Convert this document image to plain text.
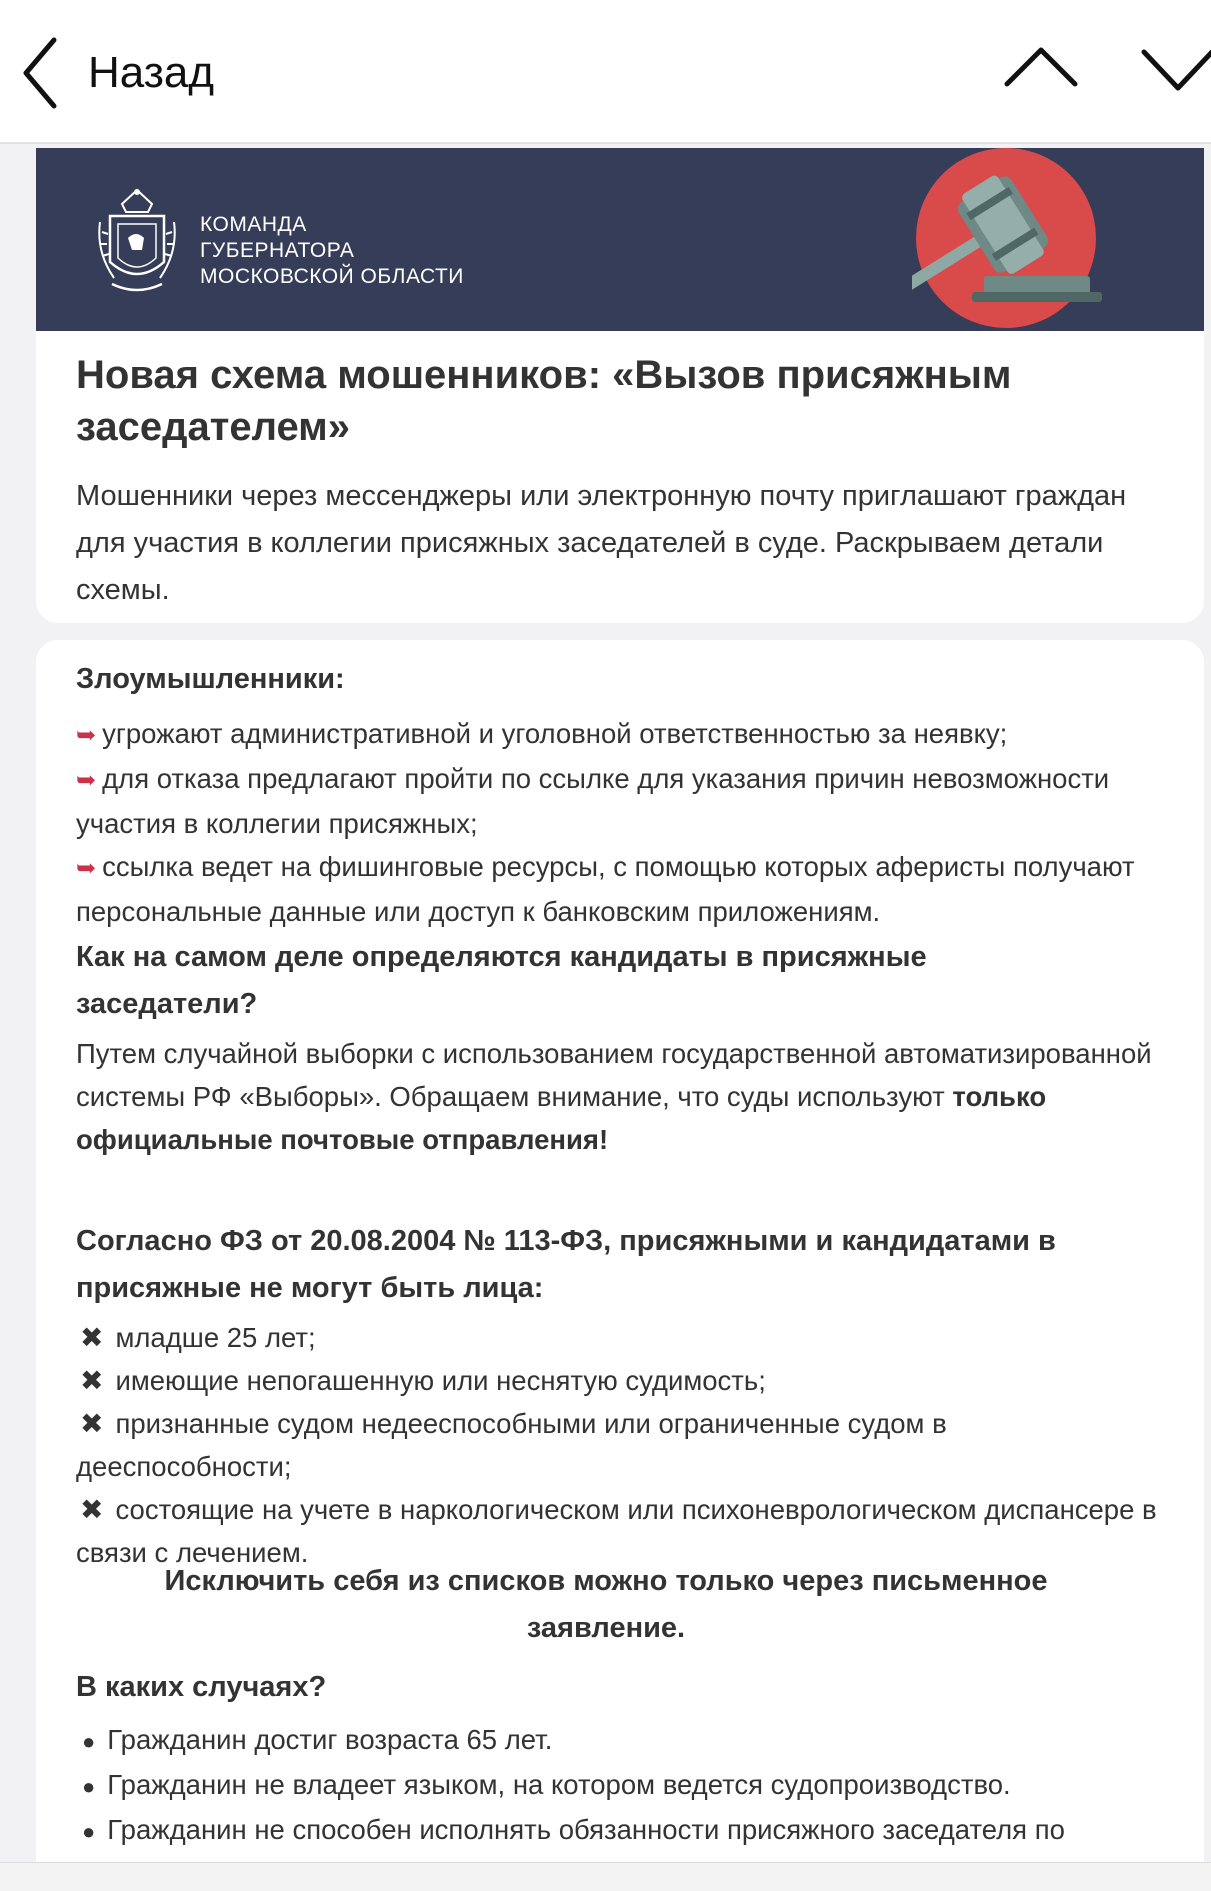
Назад
КОМАНДА
ГУБЕРНАТОРА
МОСКОВСКОЙ ОБЛАСТИ
Новая схема мошенников: «Вызов присяжным заседателем»

Мошенники через мессенджеры или электронную почту приглашают граждан для участия в коллегии присяжных заседателей в суде. Раскрываем детали схемы.

Злоумышленники:
➥ угрожают административной и уголовной ответственностью за неявку;
➥ для отказа предлагают пройти по ссылке для указания причин невозможности участия в коллегии присяжных;
➥ ссылка ведет на фишинговые ресурсы, с помощью которых аферисты получают персональные данные или доступ к банковским приложениям.
Как на самом деле определяются кандидаты в присяжные заседатели?
Путем случайной выборки с использованием государственной автоматизированной системы РФ «Выборы». Обращаем внимание, что суды используют только официальные почтовые отправления!
Согласно ФЗ от 20.08.2004 № 113-ФЗ, присяжными и кандидатами в присяжные не могут быть лица:
✖ младше 25 лет;
✖ имеющие непогашенную или неснятую судимость;
✖ признанные судом недееспособными или ограниченные судом в дееспособности;
✖ состоящие на учете в наркологическом или психоневрологическом диспансере в связи с лечением.
Исключить себя из списков можно только через письменное заявление.
В каких случаях?
● Гражданин достиг возраста 65 лет.
● Гражданин не владеет языком, на котором ведется судопроизводство.
● Гражданин не способен исполнять обязанности присяжного заседателя по
